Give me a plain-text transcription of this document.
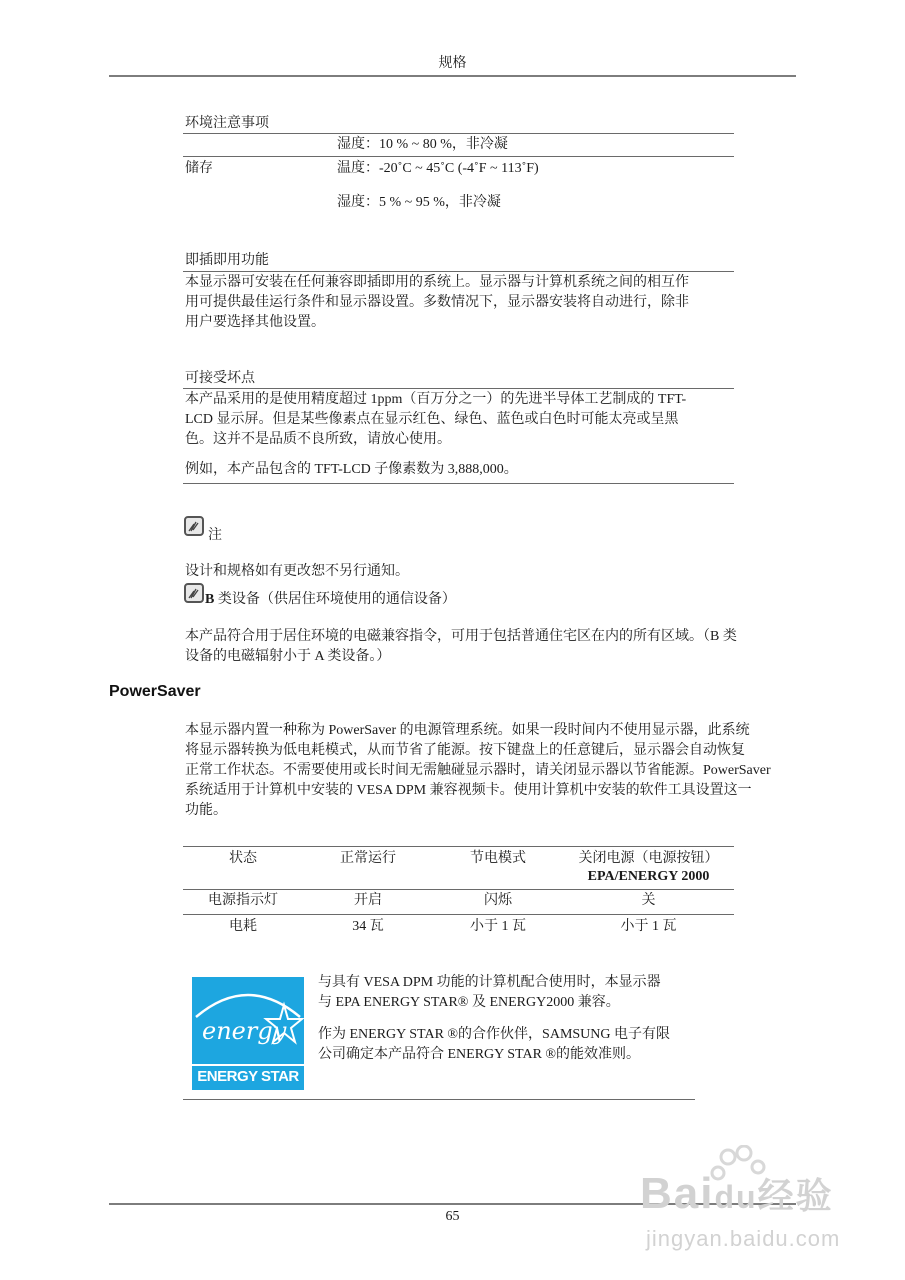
规格
环境注意事项
湿度：10 % ~ 80 %，非冷凝
储存	温度：-20˚C ~ 45˚C (-4˚F ~ 113˚F)
湿度：5 % ~ 95 %，非冷凝
即插即用功能
本显示器可安装在任何兼容即插即用的系统上。显示器与计算机系统之间的相互作
用可提供最佳运行条件和显示器设置。多数情况下，显示器安装将自动进行，除非
用户要选择其他设置。
可接受坏点
本产品采用的是使用精度超过 1ppm（百万分之一）的先进半导体工艺制成的 TFT-
LCD 显示屏。但是某些像素点在显示红色、绿色、蓝色或白色时可能太亮或呈黑
色。这并不是品质不良所致，请放心使用。
例如，本产品包含的 TFT-LCD 子像素数为 3,888,000。
注
设计和规格如有更改恕不另行通知。
B 类设备（供居住环境使用的通信设备）
本产品符合用于居住环境的电磁兼容指令，可用于包括普通住宅区在内的所有区域。（B 类
设备的电磁辐射小于 A 类设备。）
PowerSaver
本显示器内置一种称为 PowerSaver 的电源管理系统。如果一段时间内不使用显示器，此系统
将显示器转换为低电耗模式，从而节省了能源。按下键盘上的任意键后，显示器会自动恢复
正常工作状态。不需要使用或长时间无需触碰显示器时，请关闭显示器以节省能源。PowerSaver
系统适用于计算机中安装的 VESA DPM 兼容视频卡。使用计算机中安装的软件工具设置这一
功能。
状态	正常运行	节电模式	关闭电源（电源按钮）
EPA/ENERGY 2000
电源指示灯	开启	闪烁	关
电耗	34 瓦	小于 1 瓦	小于 1 瓦
energy
ENERGY STAR
与具有 VESA DPM 功能的计算机配合使用时，本显示器
与 EPA ENERGY STAR® 及 ENERGY2000 兼容。
作为 ENERGY STAR ®的合作伙伴，SAMSUNG 电子有限
公司确定本产品符合 ENERGY STAR ®的能效准则。
65	Baidu经验
jingyan.baidu.com
